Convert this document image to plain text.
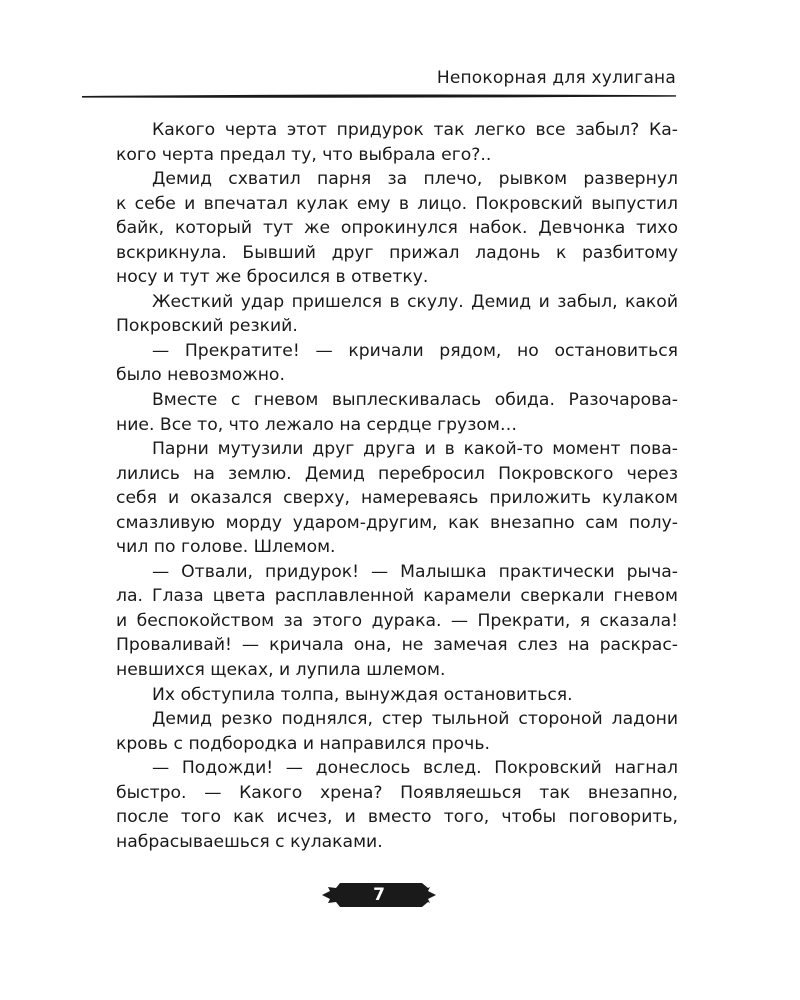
Непокорная для хулигана
Какого черта этот придурок так легко все забыл? Ка-
кого черта предал ту, что выбрала его?..
Демид схватил парня за плечо, рывком развернул
к себе и впечатал кулак ему в лицо. Покровский выпустил
байк, который тут же опрокинулся набок. Девчонка тихо
вскрикнула. Бывший друг прижал ладонь к разбитому
носу и тут же бросился в ответку.
Жесткий удар пришелся в скулу. Демид и забыл, какой
Покровский резкий.
— Прекратите! — кричали рядом, но остановиться
было невозможно.
Вместе с гневом выплескивалась обида. Разочарова-
ние. Все то, что лежало на сердце грузом…
Парни мутузили друг друга и в какой-то момент пова-
лились на землю. Демид перебросил Покровского через
себя и оказался сверху, намереваясь приложить кулаком
смазливую морду ударом-другим, как внезапно сам полу-
чил по голове. Шлемом.
— Отвали, придурок! — Малышка практически рыча-
ла. Глаза цвета расплавленной карамели сверкали гневом
и беспокойством за этого дурака. — Прекрати, я сказала!
Проваливай! — кричала она, не замечая слез на раскрас-
невшихся щеках, и лупила шлемом.
Их обступила толпа, вынуждая остановиться.
Демид резко поднялся, стер тыльной стороной ладони
кровь с подбородка и направился прочь.
— Подожди! — донеслось вслед. Покровский нагнал
быстро. — Какого хрена? Появляешься так внезапно,
после того как исчез, и вместо того, чтобы поговорить,
набрасываешься с кулаками.
7
